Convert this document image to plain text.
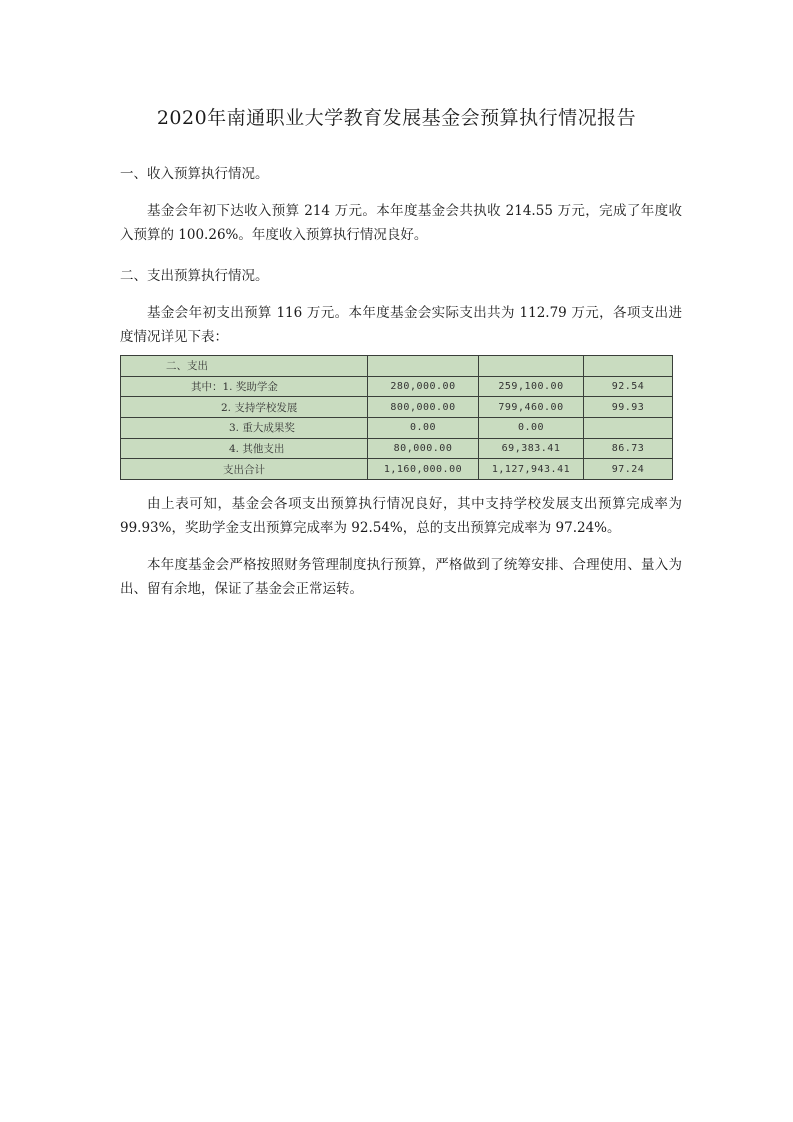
2020年南通职业大学教育发展基金会预算执行情况报告
一、收入预算执行情况。
基金会年初下达收入预算 214 万元。本年度基金会共执收 214.55 万元，完成了年度收入预算的 100.26%。年度收入预算执行情况良好。
二、支出预算执行情况。
基金会年初支出预算 116 万元。本年度基金会实际支出共为 112.79 万元，各项支出进度情况详见下表：
二、支出			
其中：1. 奖助学金	280,000.00	259,100.00	92.54
2. 支持学校发展	800,000.00	799,460.00	99.93
3. 重大成果奖	0.00	0.00	
4. 其他支出	80,000.00	69,383.41	86.73
支出合计	1,160,000.00	1,127,943.41	97.24
由上表可知，基金会各项支出预算执行情况良好，其中支持学校发展支出预算完成率为 99.93%，奖助学金支出预算完成率为 92.54%，总的支出预算完成率为 97.24%。
本年度基金会严格按照财务管理制度执行预算，严格做到了统筹安排、合理使用、量入为出、留有余地，保证了基金会正常运转。
